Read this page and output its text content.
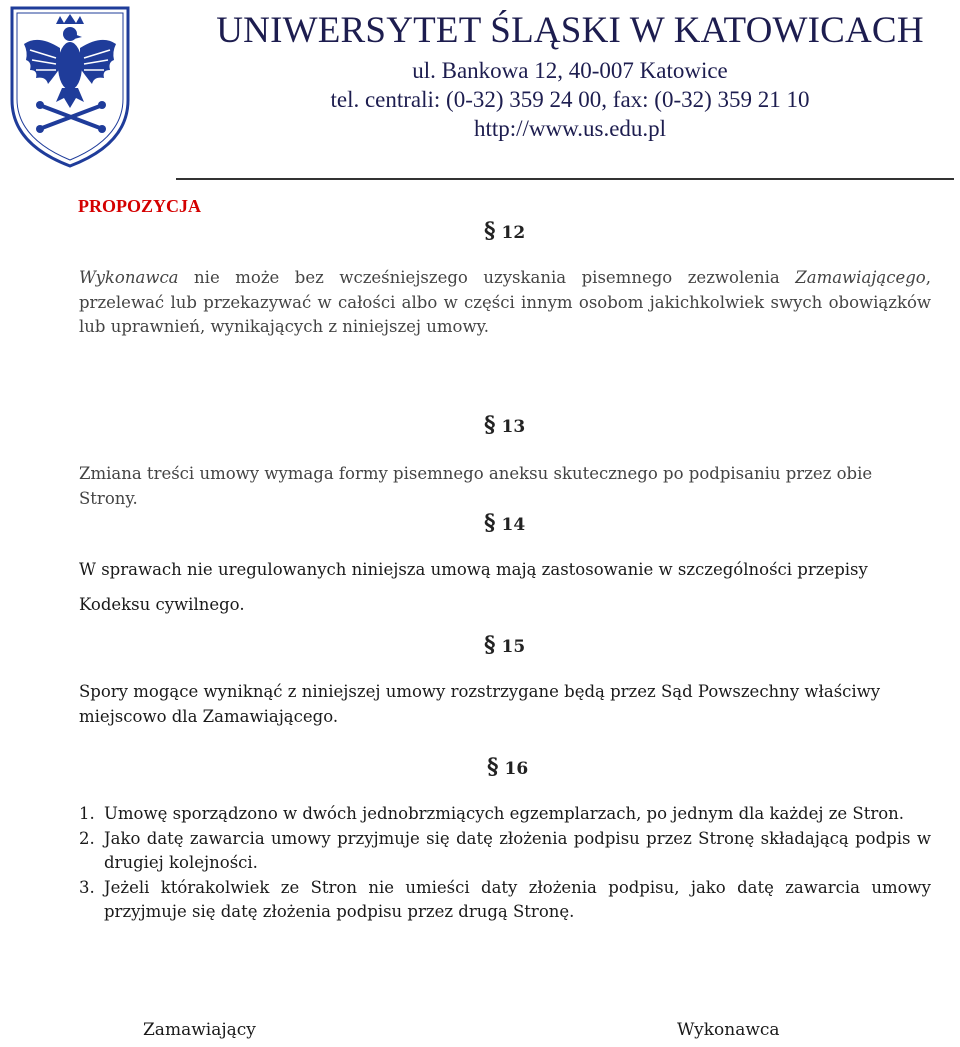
UNIWERSYTET ŚLĄSKI W KATOWICACH
ul. Bankowa 12, 40-007 Katowice
tel. centrali: (0-32) 359 24 00, fax: (0-32) 359 21 10
http://www.us.edu.pl
PROPOZYCJA
§ 12
Wykonawca nie może bez wcześniejszego uzyskania pisemnego zezwolenia Zamawiającego, przelewać lub przekazywać w całości albo w części innym osobom jakichkolwiek swych obowiązków lub uprawnień, wynikających z niniejszej umowy.
§ 13
Zmiana treści umowy wymaga formy pisemnego aneksu skutecznego po podpisaniu przez obie Strony.
§ 14
W sprawach nie uregulowanych niniejsza umową mają zastosowanie w szczególności przepisy
Kodeksu cywilnego.
§ 15
Spory mogące wyniknąć z niniejszej umowy rozstrzygane będą przez Sąd Powszechny właściwy miejscowo dla Zamawiającego.
§ 16
1. Umowę sporządzono w dwóch jednobrzmiących egzemplarzach, po jednym dla każdej ze Stron.
2. Jako datę zawarcia umowy przyjmuje się datę złożenia podpisu przez Stronę składającą podpis w drugiej kolejności.
3. Jeżeli którakolwiek ze Stron nie umieści daty złożenia podpisu, jako datę zawarcia umowy przyjmuje się datę złożenia podpisu przez drugą Stronę.
Zamawiający	Wykonawca
